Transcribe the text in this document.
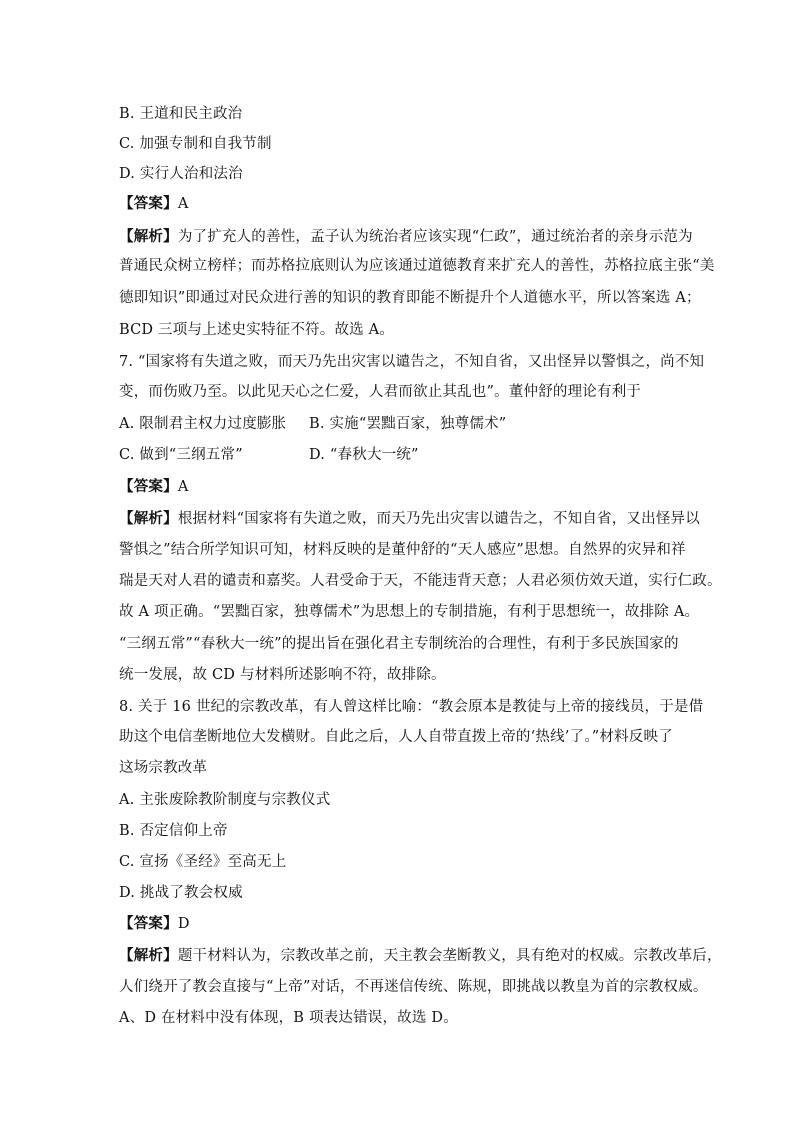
B. 王道和民主政治
C. 加强专制和自我节制
D. 实行人治和法治
【答案】A
【解析】为了扩充人的善性，孟子认为统治者应该实现“仁政”，通过统治者的亲身示范为
普通民众树立榜样；而苏格拉底则认为应该通过道德教育来扩充人的善性，苏格拉底主张“美
德即知识”即通过对民众进行善的知识的教育即能不断提升个人道德水平，所以答案选 A；
BCD 三项与上述史实特征不符。故选 A。
7. “国家将有失道之败，而天乃先出灾害以谴告之，不知自省，又出怪异以警惧之，尚不知
变，而伤败乃至。以此见天心之仁爱，人君而欲止其乱也”。董仲舒的理论有利于
A. 限制君主权力过度膨胀 B. 实施“罢黜百家，独尊儒术”
C. 做到“三纲五常”	D. “春秋大一统”
【答案】A
【解析】根据材料“国家将有失道之败，而天乃先出灾害以谴告之，不知自省，又出怪异以
警惧之”结合所学知识可知，材料反映的是董仲舒的“天人感应”思想。自然界的灾异和祥
瑞是天对人君的谴责和嘉奖。人君受命于天，不能违背天意；人君必须仿效天道，实行仁政。
故 A 项正确。“罢黜百家，独尊儒术”为思想上的专制措施，有利于思想统一，故排除 A。
“三纲五常”“春秋大一统”的提出旨在强化君主专制统治的合理性，有利于多民族国家的
统一发展，故 CD 与材料所述影响不符，故排除。
8. 关于 16 世纪的宗教改革，有人曾这样比喻：“教会原本是教徒与上帝的接线员，于是借
助这个电信垄断地位大发横财。自此之后，人人自带直拨上帝的‘热线’了。”材料反映了
这场宗教改革
A. 主张废除教阶制度与宗教仪式
B. 否定信仰上帝
C. 宣扬《圣经》至高无上
D. 挑战了教会权威
【答案】D
【解析】题干材料认为，宗教改革之前，天主教会垄断教义，具有绝对的权威。宗教改革后，
人们绕开了教会直接与“上帝”对话，不再迷信传统、陈规，即挑战以教皇为首的宗教权威。
A、D 在材料中没有体现，B 项表达错误，故选 D。
